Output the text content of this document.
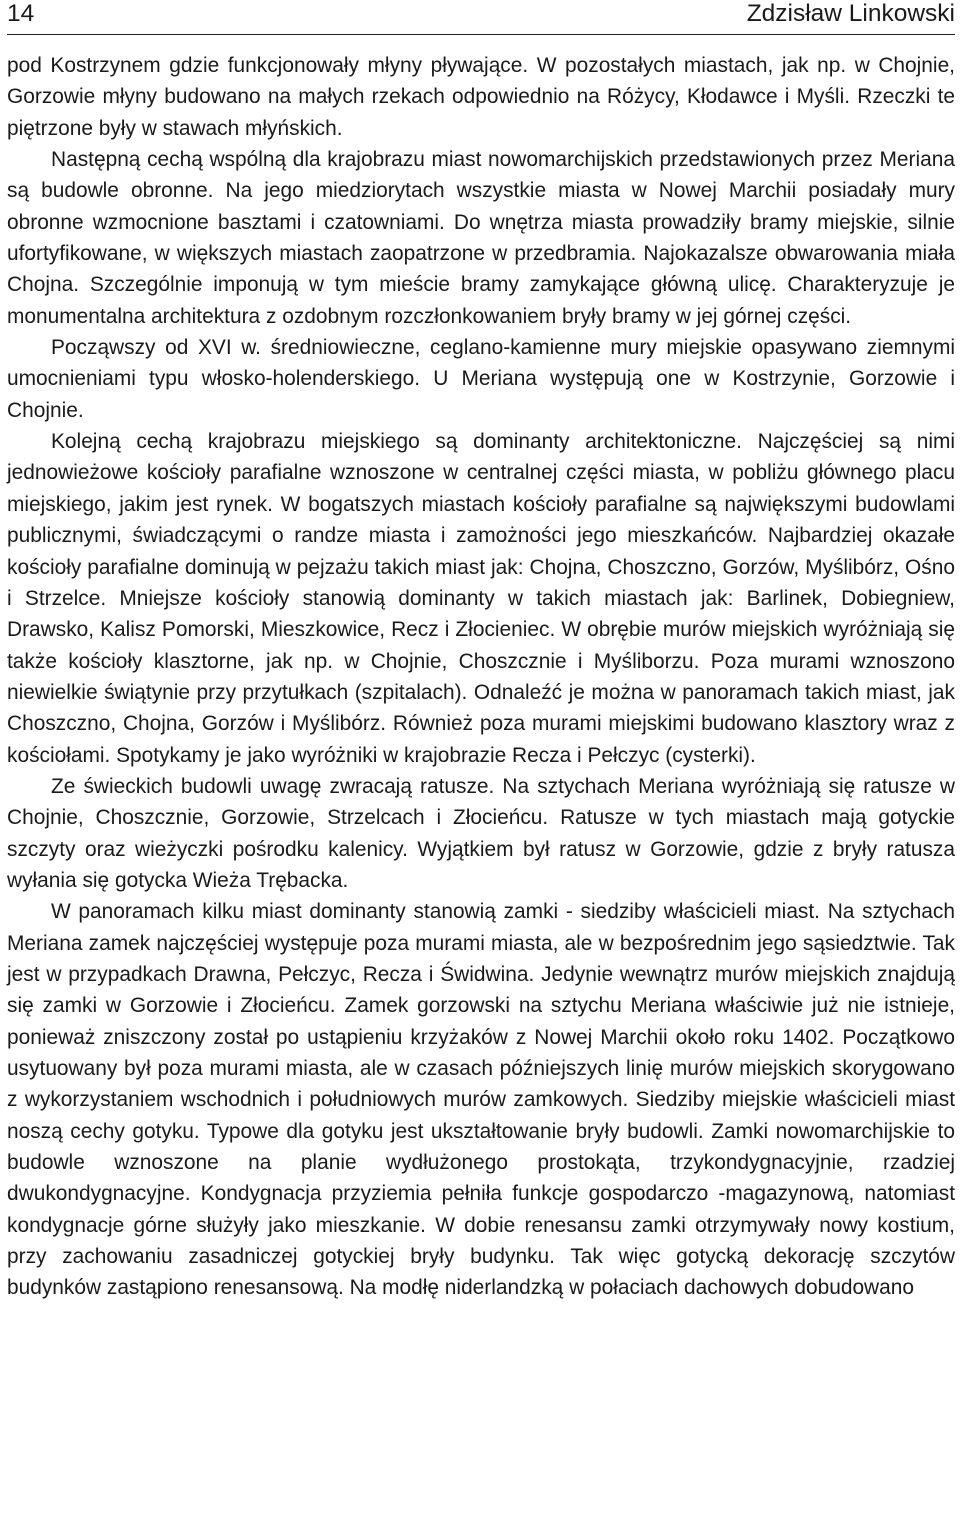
14	Zdzisław Linkowski

pod Kostrzynem gdzie funkcjonowały młyny pływające. W pozostałych miastach, jak np. w Chojnie, Gorzowie młyny budowano na małych rzekach odpowiednio na Różycy, Kłodawce i Myśli. Rzeczki te piętrzone były w stawach młyńskich.

Następną cechą wspólną dla krajobrazu miast nowomarchijskich przedstawionych przez Meriana są budowle obronne. Na jego miedziorytach wszystkie miasta w Nowej Marchii posiadały mury obronne wzmocnione basztami i czatowniami. Do wnętrza miasta prowadziły bramy miejskie, silnie ufortyfikowane, w większych miastach zaopatrzone w przedbramia. Najokazalsze obwarowania miała Chojna. Szczególnie imponują w tym mieście bramy zamykające główną ulicę. Charakteryzuje je monumentalna architektura z ozdobnym rozczłonkowaniem bryły bramy w jej górnej części.

Począwszy od XVI w. średniowieczne, ceglano-kamienne mury miejskie opasywano ziemnymi umocnieniami typu włosko-holenderskiego. U Meriana występują one w Kostrzynie, Gorzowie i Chojnie.

Kolejną cechą krajobrazu miejskiego są dominanty architektoniczne. Najczęściej są nimi jednowieżowe kościoły parafialne wznoszone w centralnej części miasta, w pobliżu głównego placu miejskiego, jakim jest rynek. W bogatszych miastach kościoły parafialne są największymi budowlami publicznymi, świadczącymi o randze miasta i zamożności jego mieszkańców. Najbardziej okazałe kościoły parafialne dominują w pejzażu takich miast jak: Chojna, Choszczno, Gorzów, Myślibórz, Ośno i Strzelce. Mniejsze kościoły stanowią dominanty w takich miastach jak: Barlinek, Dobiegniew, Drawsko, Kalisz Pomorski, Mieszkowice, Recz i Złocieniec. W obrębie murów miejskich wyróżniają się także kościoły klasztorne, jak np. w Chojnie, Choszcznie i Myśliborzu. Poza murami wznoszono niewielkie świątynie przy przytułkach (szpitalach). Odnaleźć je można w panoramach takich miast, jak Choszczno, Chojna, Gorzów i Myślibórz. Również poza murami miejskimi budowano klasztory wraz z kościołami. Spotykamy je jako wyróżniki w krajobrazie Recza i Pełczyc (cysterki).

Ze świeckich budowli uwagę zwracają ratusze. Na sztychach Meriana wyróżniają się ratusze w Chojnie, Choszcznie, Gorzowie, Strzelcach i Złocieńcu. Ratusze w tych miastach mają gotyckie szczyty oraz wieżyczki pośrodku kalenicy. Wyjątkiem był ratusz w Gorzowie, gdzie z bryły ratusza wyłania się gotycka Wieża Trębacka.

W panoramach kilku miast dominanty stanowią zamki - siedziby właścicieli miast. Na sztychach Meriana zamek najczęściej występuje poza murami miasta, ale w bezpośrednim jego sąsiedztwie. Tak jest w przypadkach Drawna, Pełczyc, Recza i Świdwina. Jedynie wewnątrz murów miejskich znajdują się zamki w Gorzowie i Złocieńcu. Zamek gorzowski na sztychu Meriana właściwie już nie istnieje, ponieważ zniszczony został po ustąpieniu krzyżaków z Nowej Marchii około roku 1402. Początkowo usytuowany był poza murami miasta, ale w czasach późniejszych linię murów miejskich skorygowano z wykorzystaniem wschodnich i południowych murów zamkowych. Siedziby miejskie właścicieli miast noszą cechy gotyku. Typowe dla gotyku jest ukształtowanie bryły budowli. Zamki nowomarchijskie to budowle wznoszone na planie wydłużonego prostokąta, trzykondygnacyjnie, rzadziej dwukondygnacyjne. Kondygnacja przyziemia pełniła funkcje gospodarczo -magazynową, natomiast kondygnacje górne służyły jako mieszkanie. W dobie renesansu zamki otrzymywały nowy kostium, przy zachowaniu zasadniczej gotyckiej bryły budynku. Tak więc gotycką dekorację szczytów budynków zastąpiono renesansową. Na modłę niderlandzką w połaciach dachowych dobudowano
